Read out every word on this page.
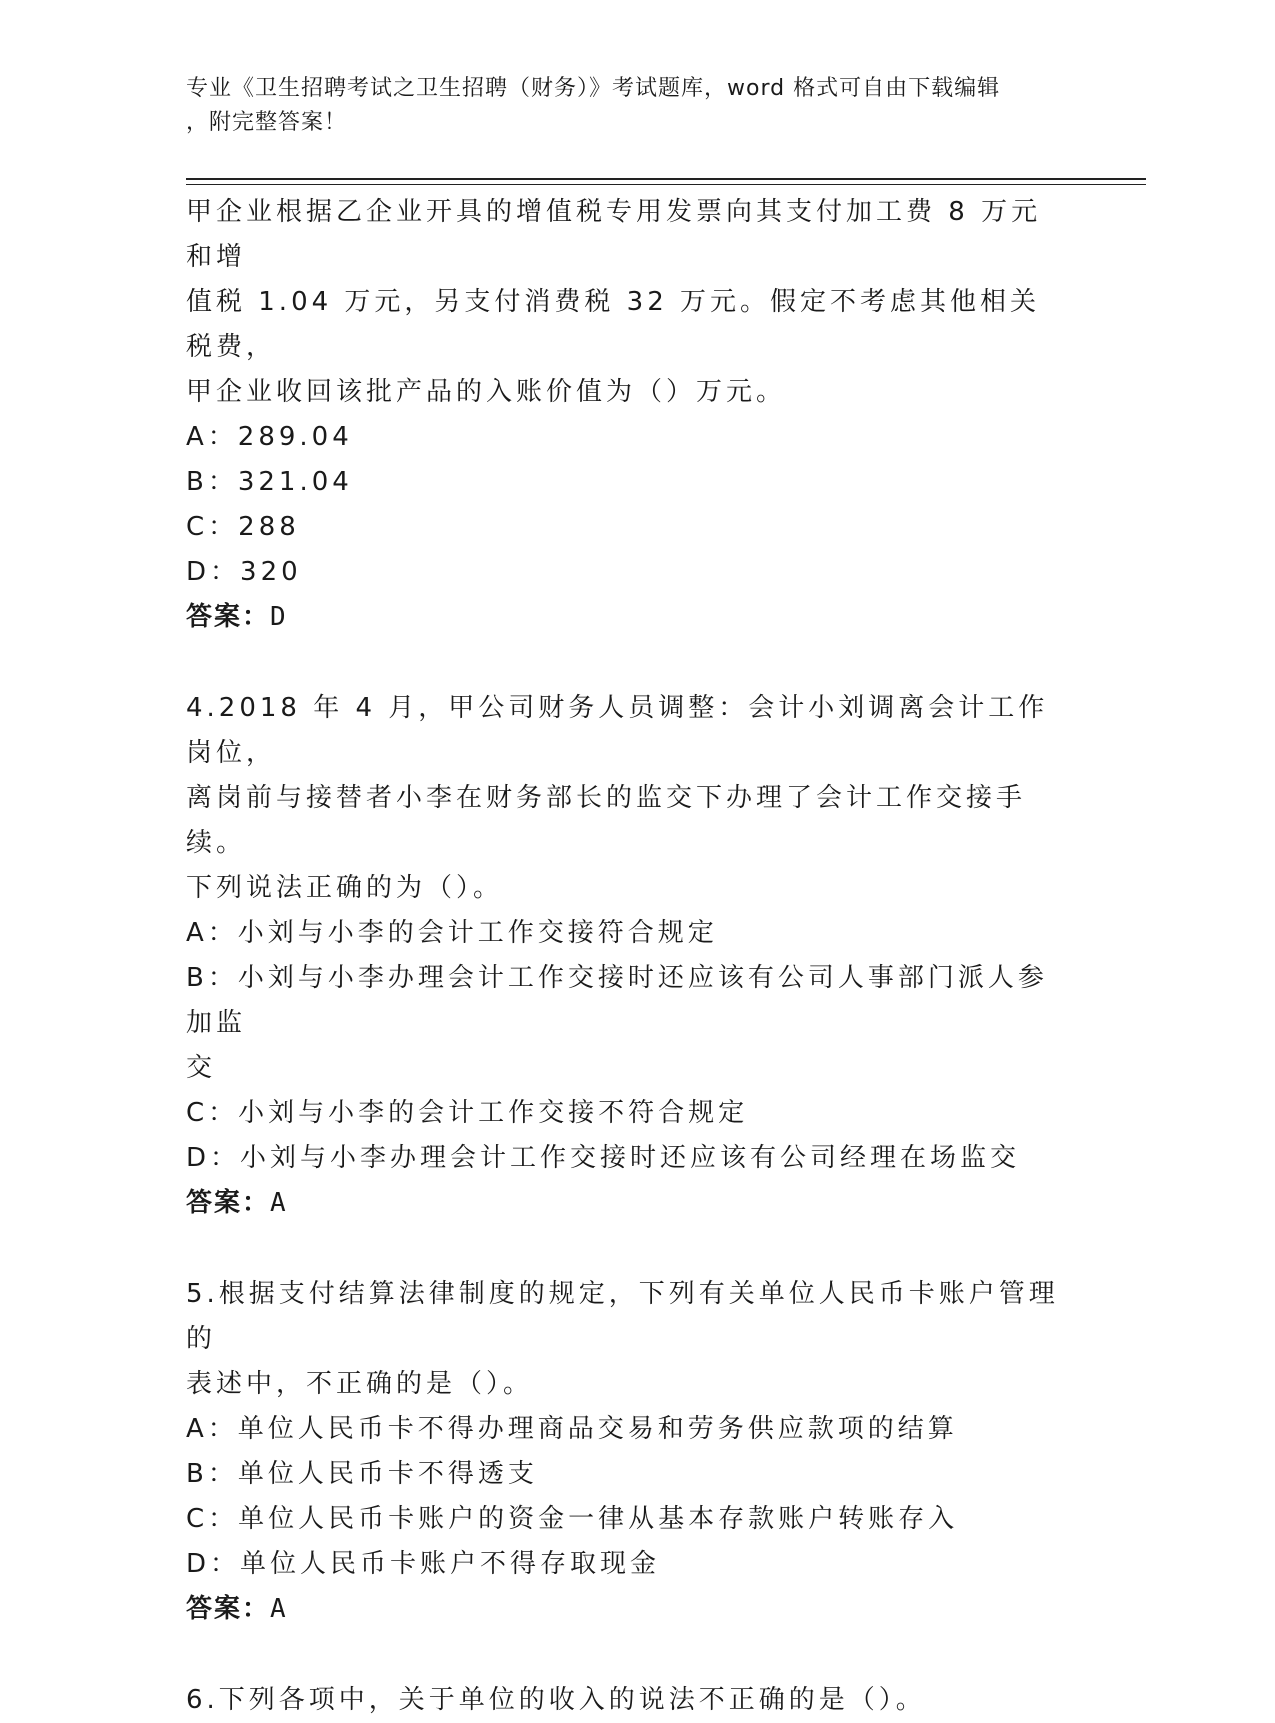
专业《卫生招聘考试之卫生招聘（财务）》考试题库，word 格式可自由下载编辑
，附完整答案！

甲企业根据乙企业开具的增值税专用发票向其支付加工费 8 万元和增

值税 1.04 万元，另支付消费税 32 万元。假定不考虑其他相关税费，

甲企业收回该批产品的入账价值为（）万元。

A：289.04

B：321.04

C：288

D：320

答案：D

4.2018 年 4 月，甲公司财务人员调整：会计小刘调离会计工作岗位，

离岗前与接替者小李在财务部长的监交下办理了会计工作交接手续。

下列说法正确的为（）。

A：小刘与小李的会计工作交接符合规定

B：小刘与小李办理会计工作交接时还应该有公司人事部门派人参加监

交

C：小刘与小李的会计工作交接不符合规定

D：小刘与小李办理会计工作交接时还应该有公司经理在场监交

答案：A

5.根据支付结算法律制度的规定，下列有关单位人民币卡账户管理的

表述中，不正确的是（）。

A：单位人民币卡不得办理商品交易和劳务供应款项的结算

B：单位人民币卡不得透支

C：单位人民币卡账户的资金一律从基本存款账户转账存入

D：单位人民币卡账户不得存取现金

答案：A

6.下列各项中，关于单位的收入的说法不正确的是（）。
